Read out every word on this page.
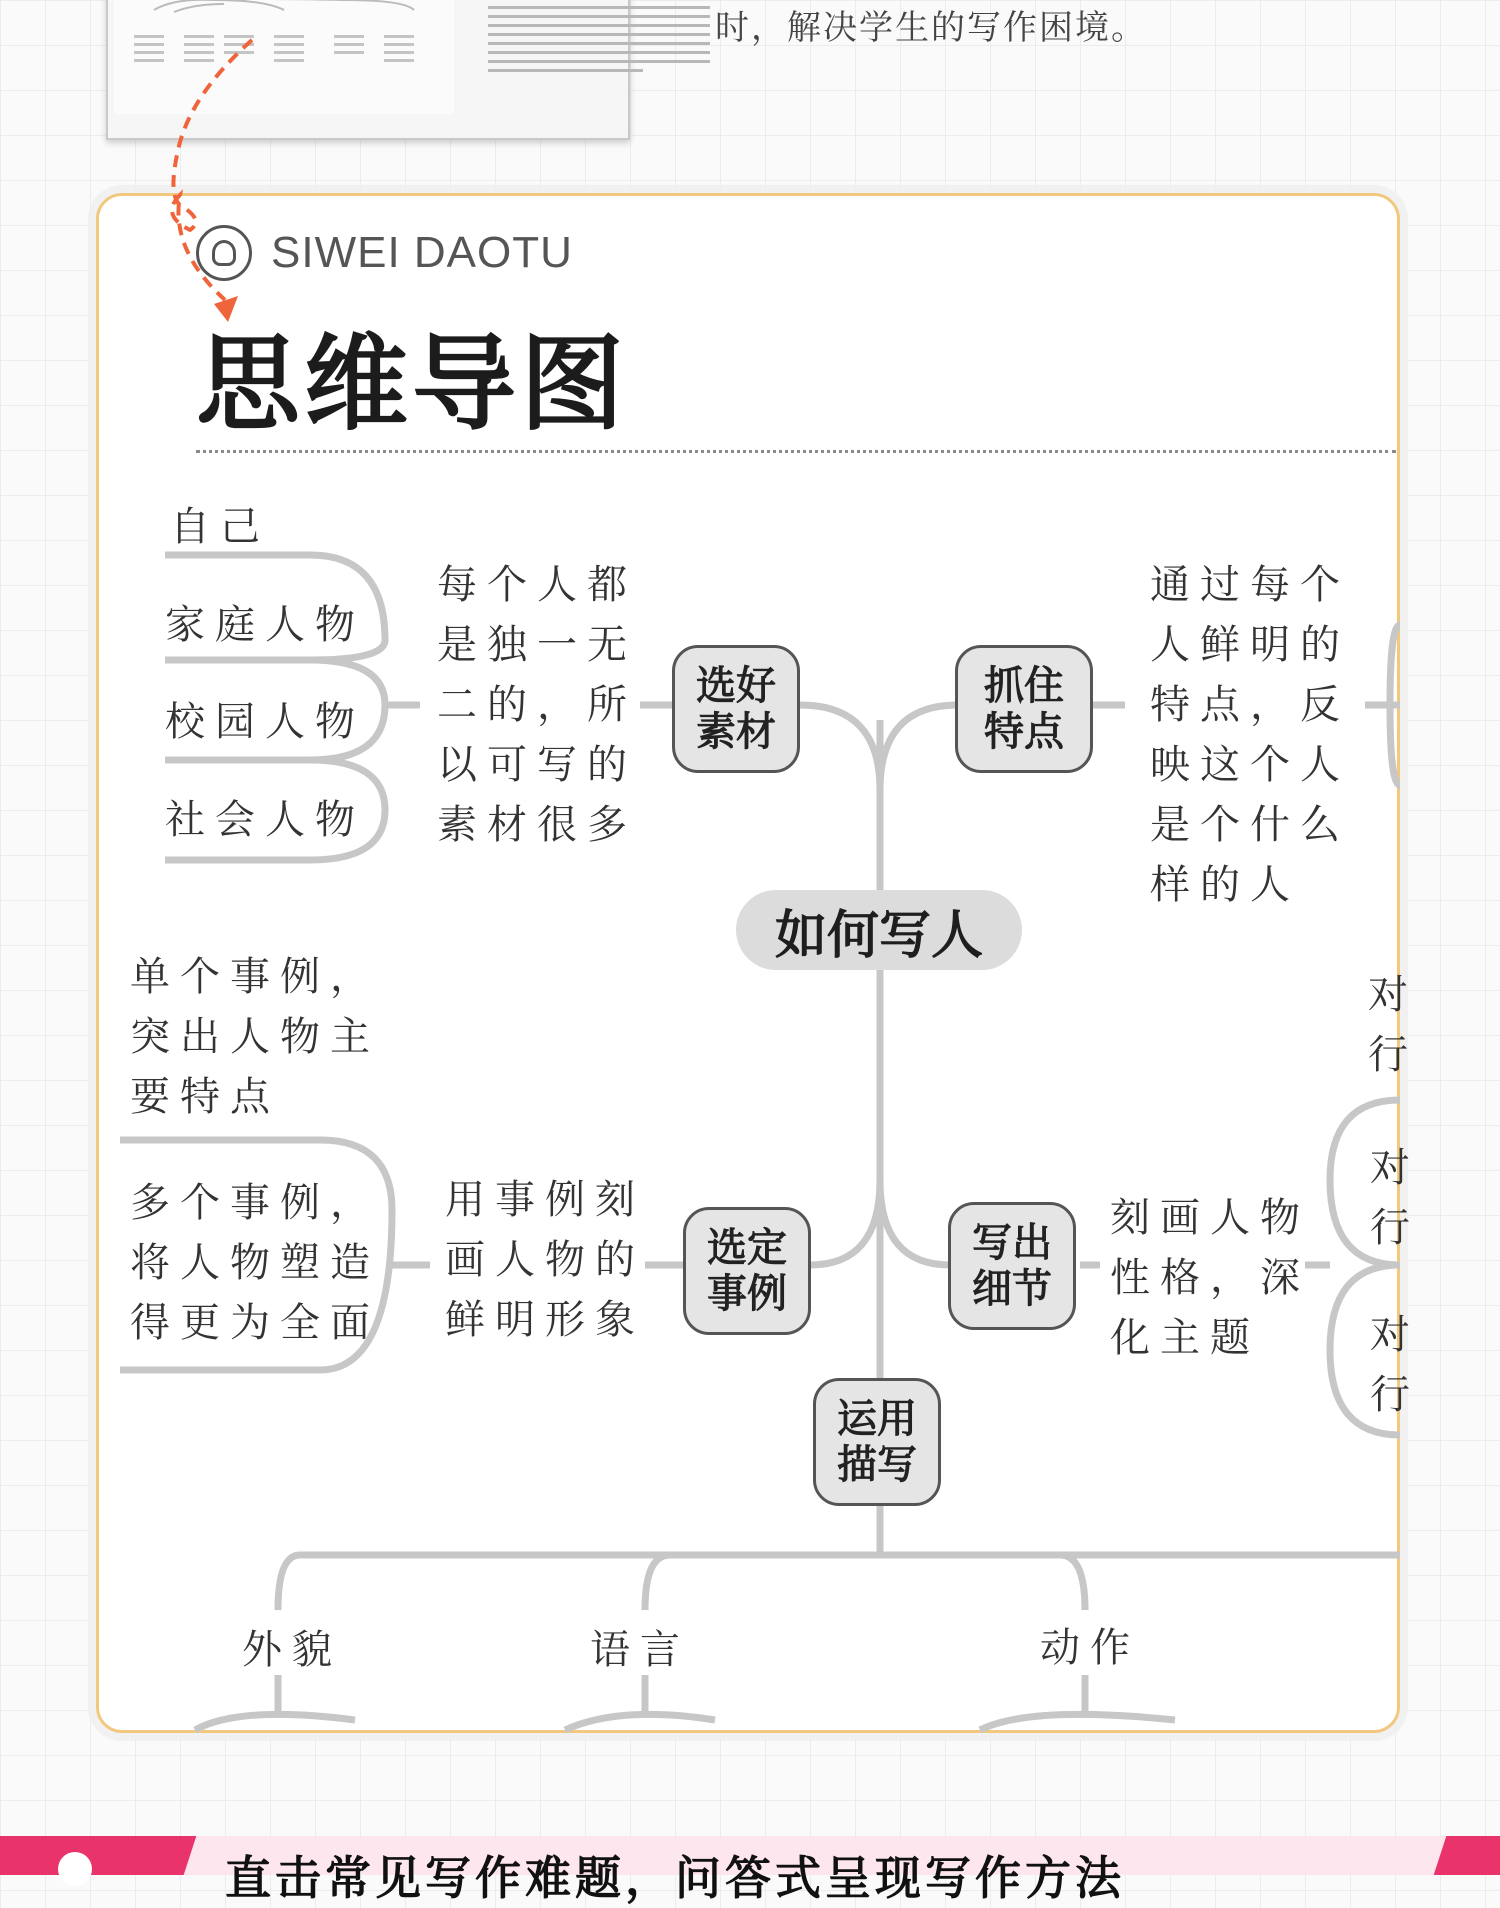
时，解决学生的写作困境。
SIWEI DAOTU
思维导图
如何写人
选好素材
抓住特点
选定事例
写出细节
运用描写
自己
家庭人物
校园人物
社会人物
每个人都
是独一无
二的，所
以可写的
素材很多
通过每个
人鲜明的
特点，反
映这个人
是个什么
样的人
单个事例，
突出人物主
要特点
多个事例，
将人物塑造
得更为全面
用事例刻
画人物的
鲜明形象
刻画人物
性格，深
化主题
对行
对行
对行
外貌	语言	动作
直击常见写作难题，问答式呈现写作方法
